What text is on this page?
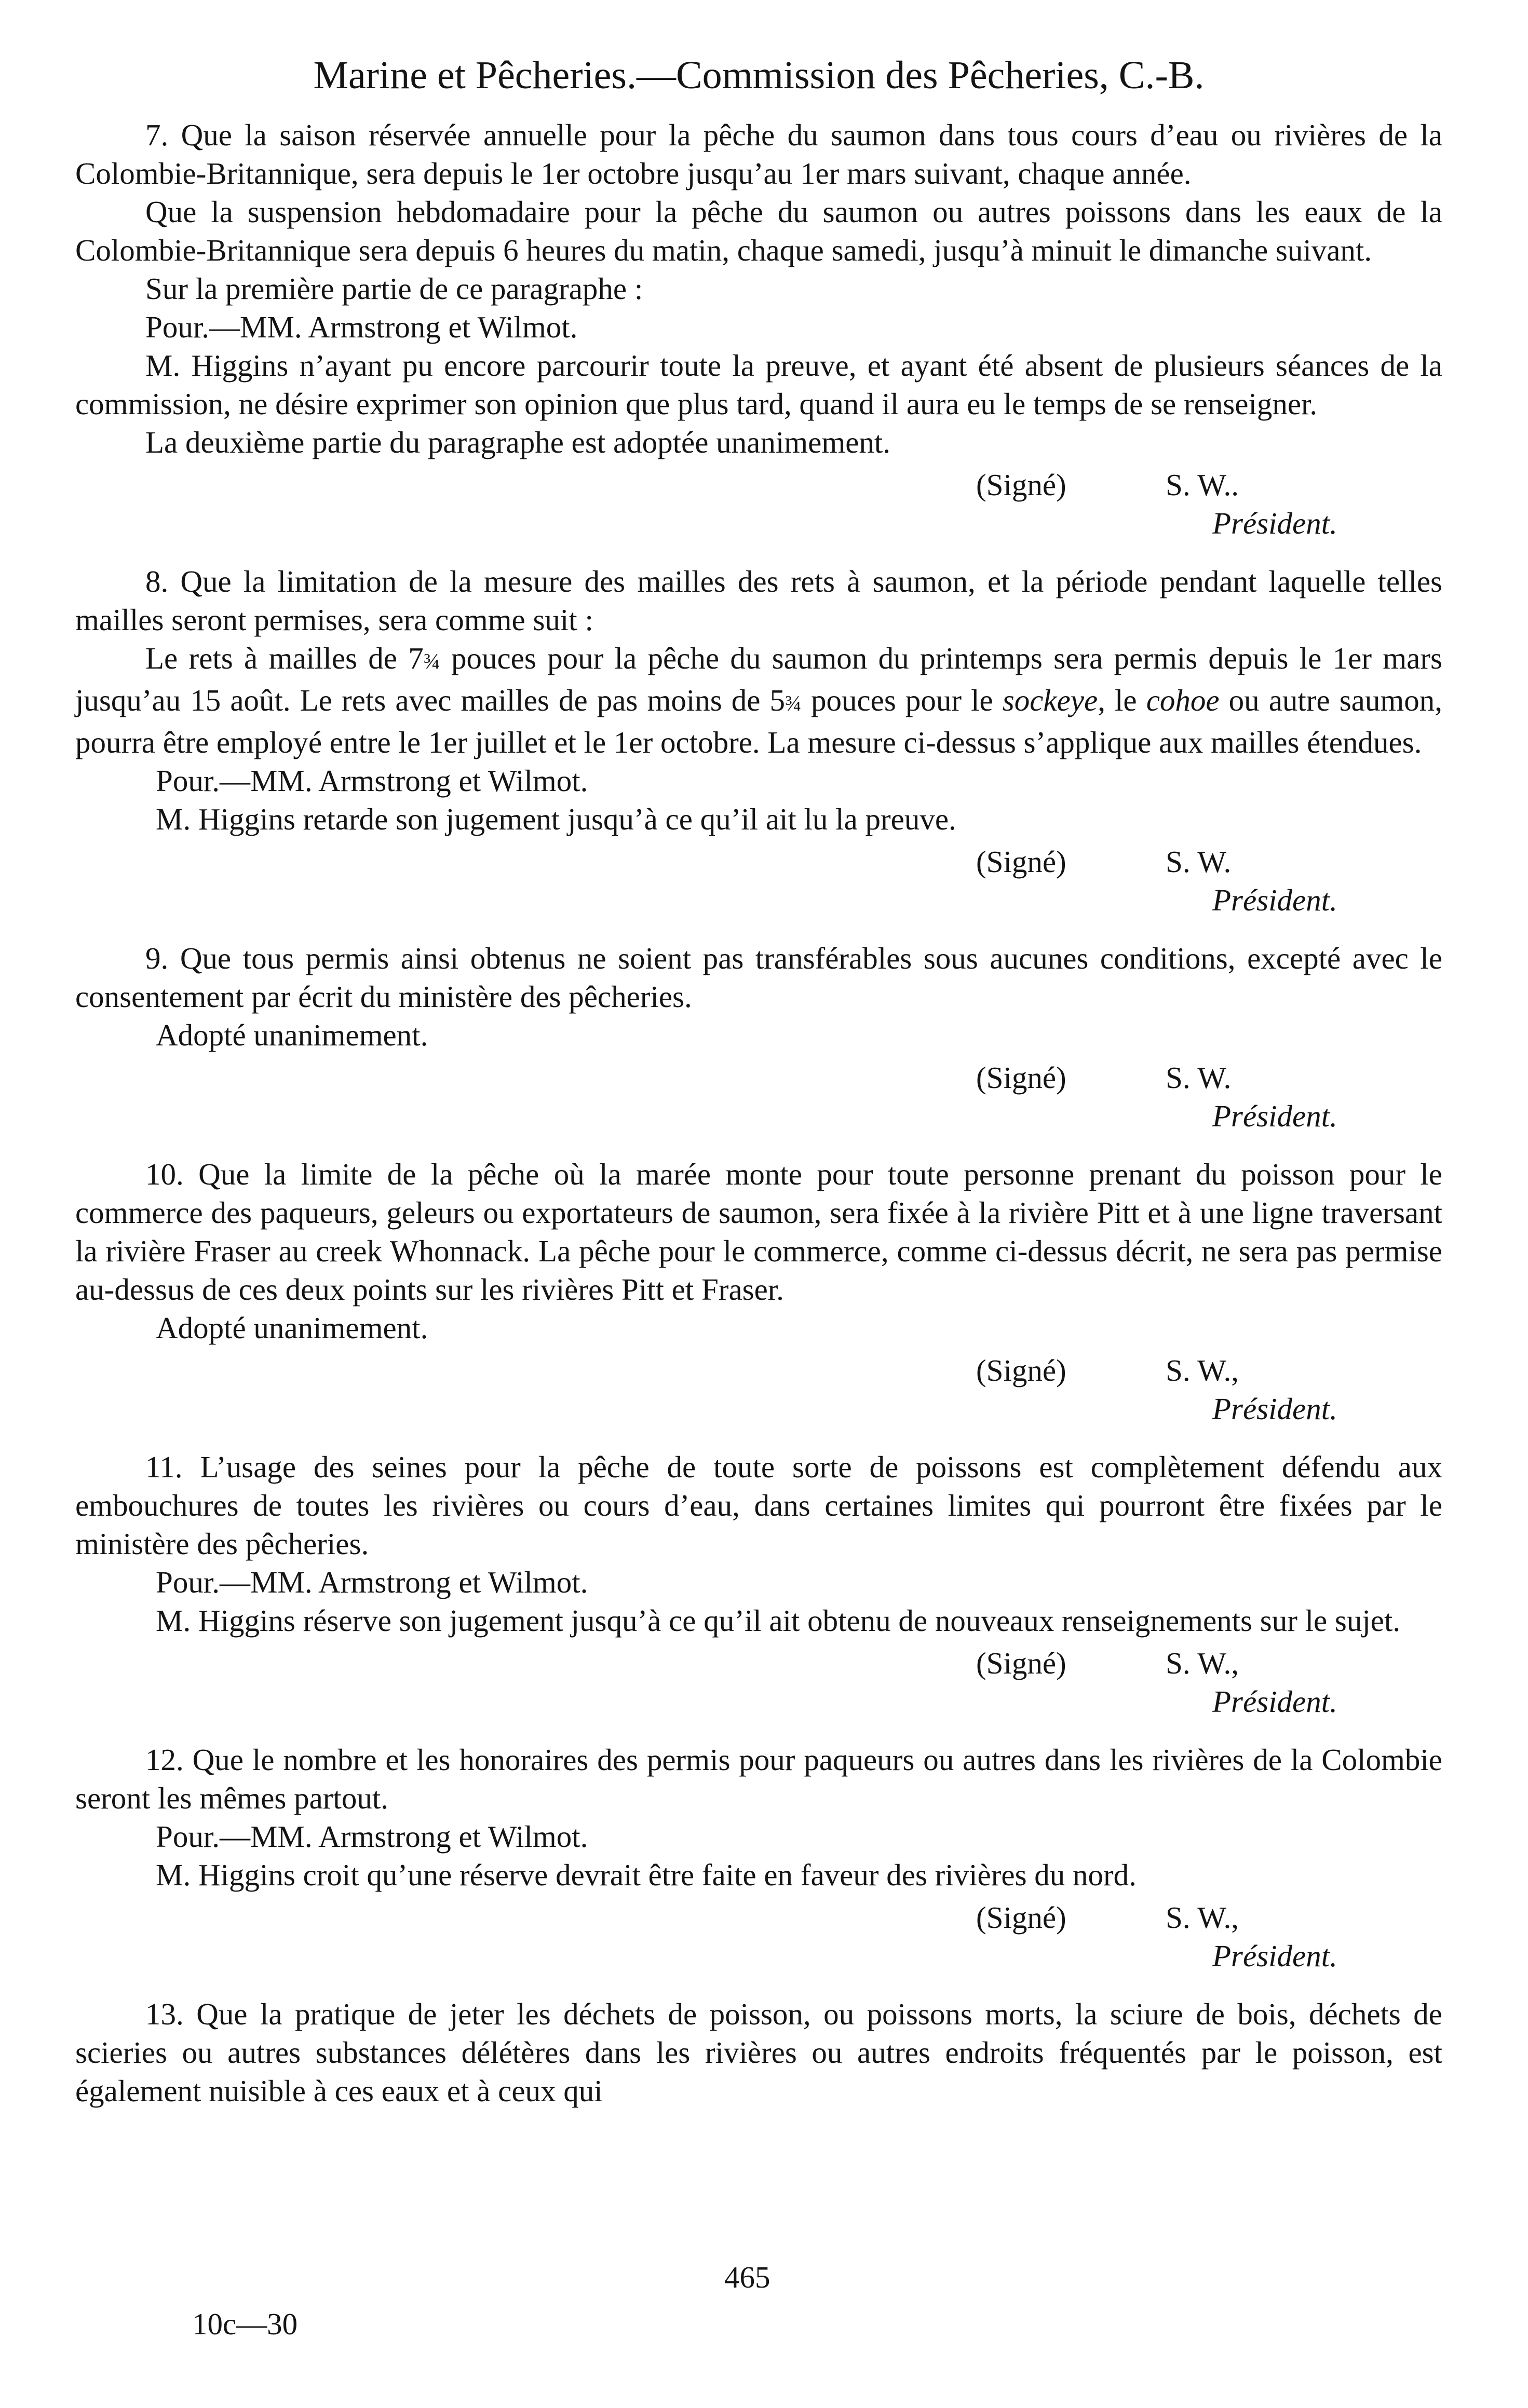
Marine et Pêcheries.—Commission des Pêcheries, C.-B.

7. Que la saison réservée annuelle pour la pêche du saumon dans tous cours d’eau ou rivières de la Colombie-Britannique, sera depuis le 1er octobre jusqu’au 1er mars suivant, chaque année.

Que la suspension hebdomadaire pour la pêche du saumon ou autres poissons dans les eaux de la Colombie-Britannique sera depuis 6 heures du matin, chaque samedi, jusqu’à minuit le dimanche suivant.

Sur la première partie de ce paragraphe :

Pour.—MM. Armstrong et Wilmot.

M. Higgins n’ayant pu encore parcourir toute la preuve, et ayant été absent de plusieurs séances de la commission, ne désire exprimer son opinion que plus tard, quand il aura eu le temps de se renseigner.

La deuxième partie du paragraphe est adoptée unanimement.

(Signé)	S. W..
Président.

8. Que la limitation de la mesure des mailles des rets à saumon, et la période pendant laquelle telles mailles seront permises, sera comme suit :

Le rets à mailles de 7¾ pouces pour la pêche du saumon du printemps sera permis depuis le 1er mars jusqu’au 15 août. Le rets avec mailles de pas moins de 5¾ pouces pour le sockeye, le cohoe ou autre saumon, pourra être employé entre le 1er juillet et le 1er octobre. La mesure ci-dessus s’applique aux mailles étendues.

Pour.—MM. Armstrong et Wilmot.

M. Higgins retarde son jugement jusqu’à ce qu’il ait lu la preuve.

(Signé)	S. W.
Président.

9. Que tous permis ainsi obtenus ne soient pas transférables sous aucunes conditions, excepté avec le consentement par écrit du ministère des pêcheries.

Adopté unanimement.

(Signé)	S. W.
Président.

10. Que la limite de la pêche où la marée monte pour toute personne prenant du poisson pour le commerce des paqueurs, geleurs ou exportateurs de saumon, sera fixée à la rivière Pitt et à une ligne traversant la rivière Fraser au creek Whonnack. La pêche pour le commerce, comme ci-dessus décrit, ne sera pas permise au-dessus de ces deux points sur les rivières Pitt et Fraser.

Adopté unanimement.

(Signé)	S. W.,
Président.

11. L’usage des seines pour la pêche de toute sorte de poissons est complètement défendu aux embouchures de toutes les rivières ou cours d’eau, dans certaines limites qui pourront être fixées par le ministère des pêcheries.

Pour.—MM. Armstrong et Wilmot.

M. Higgins réserve son jugement jusqu’à ce qu’il ait obtenu de nouveaux renseignements sur le sujet.

(Signé)	S. W.,
Président.

12. Que le nombre et les honoraires des permis pour paqueurs ou autres dans les rivières de la Colombie seront les mêmes partout.

Pour.—MM. Armstrong et Wilmot.

M. Higgins croit qu’une réserve devrait être faite en faveur des rivières du nord.

(Signé)	S. W.,
Président.

13. Que la pratique de jeter les déchets de poisson, ou poissons morts, la sciure de bois, déchets de scieries ou autres substances délétères dans les rivières ou autres endroits fréquentés par le poisson, est également nuisible à ces eaux et à ceux qui

465
10c—30
